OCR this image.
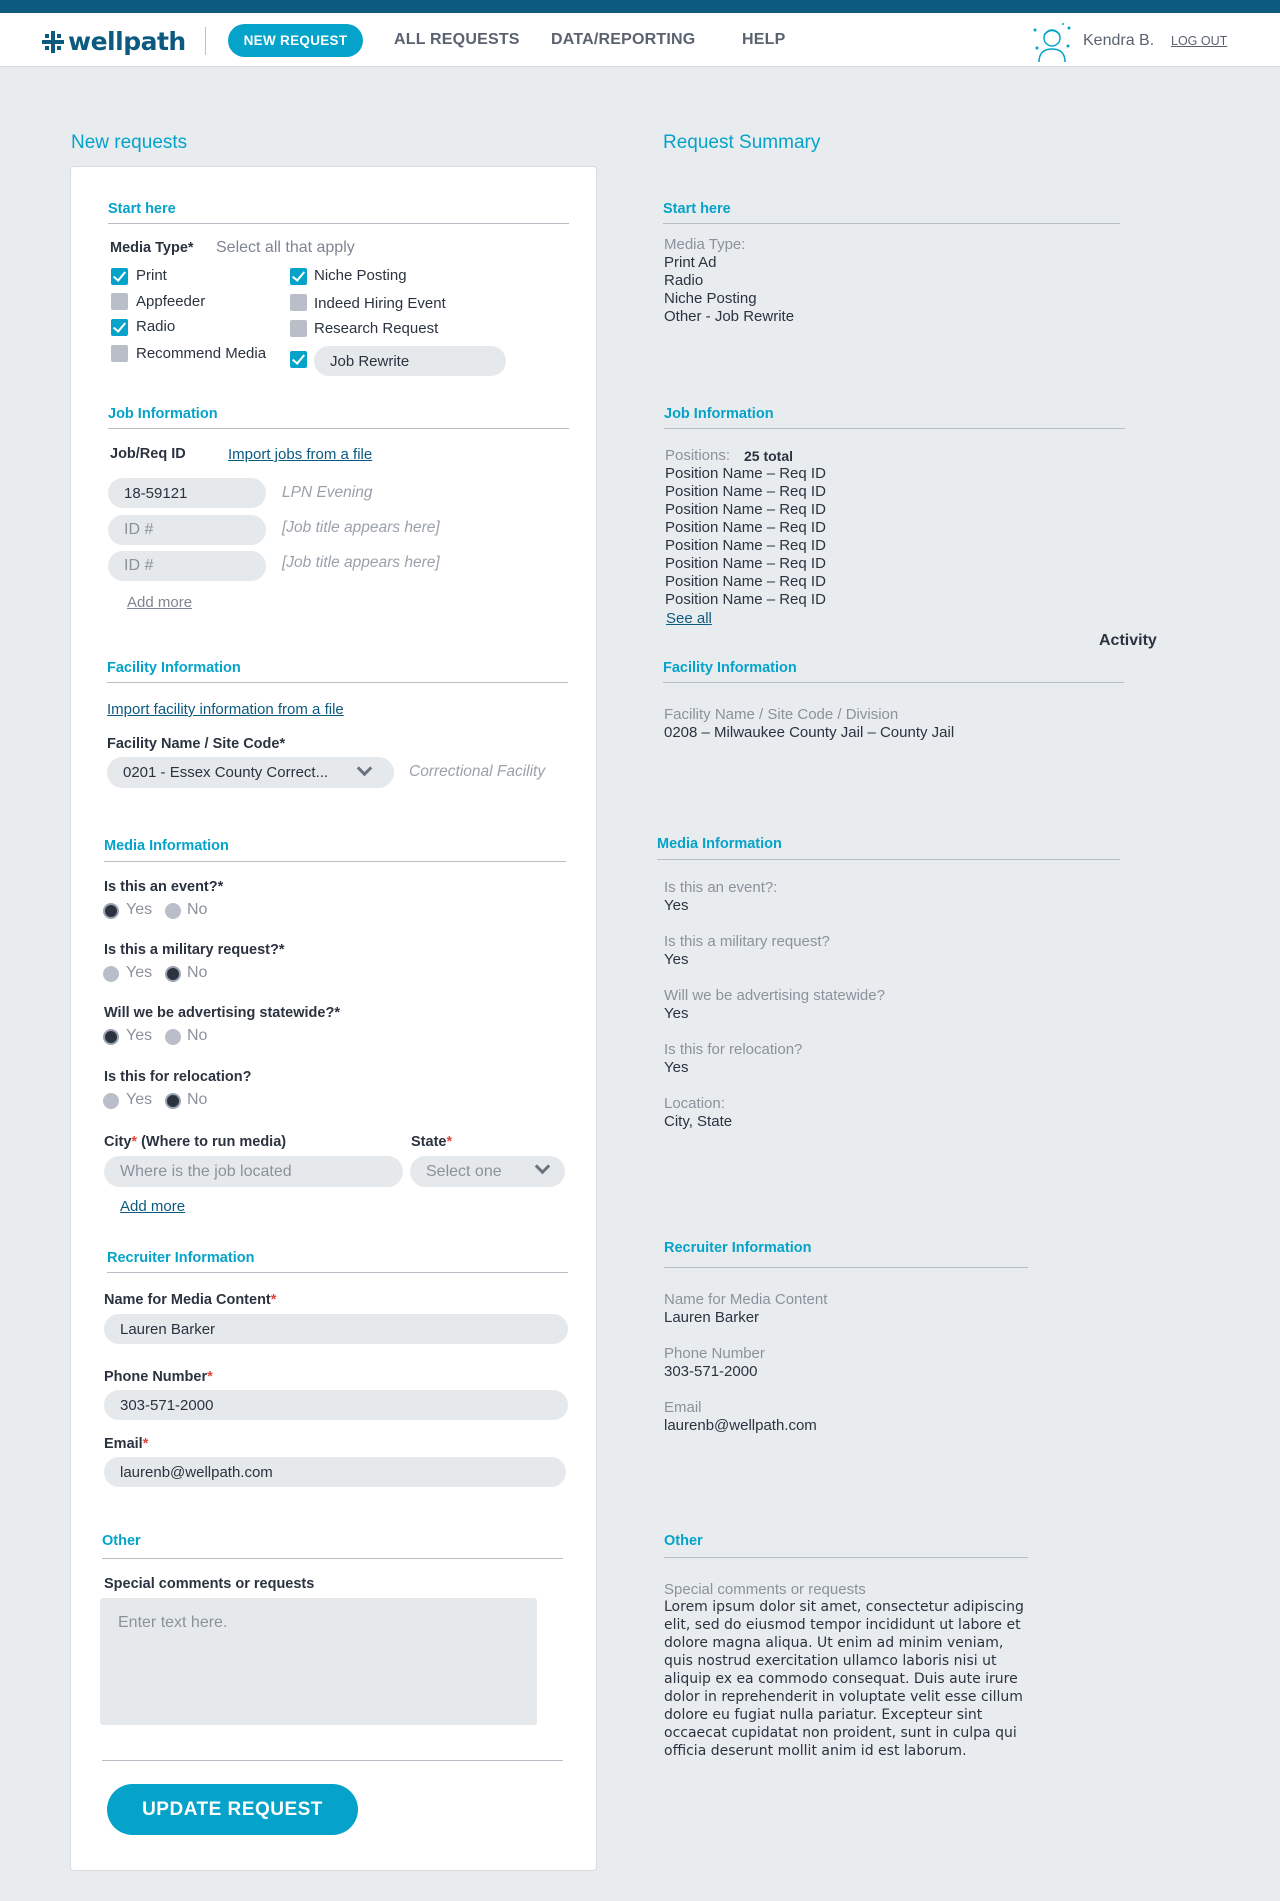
wellpath	NEW REQUEST	ALL REQUESTS DATA/REPORTING	HELP	Kendra B. LOG OUT
New requests
Start here
Media Type* Select all that apply
Print
Appfeeder
Radio
Recommend Media
Niche Posting
Indeed Hiring Event
Research Request
Job Rewrite
Job Information
Job/Req ID	Import jobs from a file
18-59121	LPN Evening
ID #	[Job title appears here]
ID #	[Job title appears here]
Add more
Facility Information
Import facility information from a file
Facility Name / Site Code*
0201 - Essex County Correct...	Correctional Facility
Media Information
Is this an event?*
Yes No
Is this a military request?*
Yes No
Will we be advertising statewide?*
Yes No
Is this for relocation?
Yes No
City* (Where to run media)	State*
Where is the job located	Select one
Add more
Recruiter Information
Name for Media Content*
Lauren Barker
Phone Number*
303-571-2000
Email*
laurenb@wellpath.com
Other
Special comments or requests
Enter text here.
UPDATE REQUEST
Request Summary
Start here
Media Type:
Print Ad
Radio
Niche Posting
Other - Job Rewrite
Job Information
Positions: 25 total
Position Name – Req ID
Position Name – Req ID
Position Name – Req ID
Position Name – Req ID
Position Name – Req ID
Position Name – Req ID
Position Name – Req ID
Position Name – Req ID
See all
Activity
Facility Information
Facility Name / Site Code / Division
0208 – Milwaukee County Jail – County Jail
Media Information
Is this an event?:
Yes
Is this a military request?
Yes
Will we be advertising statewide?
Yes
Is this for relocation?
Yes
Location:
City, State
Recruiter Information
Name for Media Content
Lauren Barker
Phone Number
303-571-2000
Email
laurenb@wellpath.com
Other
Special comments or requests
Lorem ipsum dolor sit amet, consectetur adipiscing elit, sed do eiusmod tempor incididunt ut labore et dolore magna aliqua. Ut enim ad minim veniam, quis nostrud exercitation ullamco laboris nisi ut aliquip ex ea commodo consequat. Duis aute irure dolor in reprehenderit in voluptate velit esse cillum dolore eu fugiat nulla pariatur. Excepteur sint occaecat cupidatat non proident, sunt in culpa qui officia deserunt mollit anim id est laborum.
